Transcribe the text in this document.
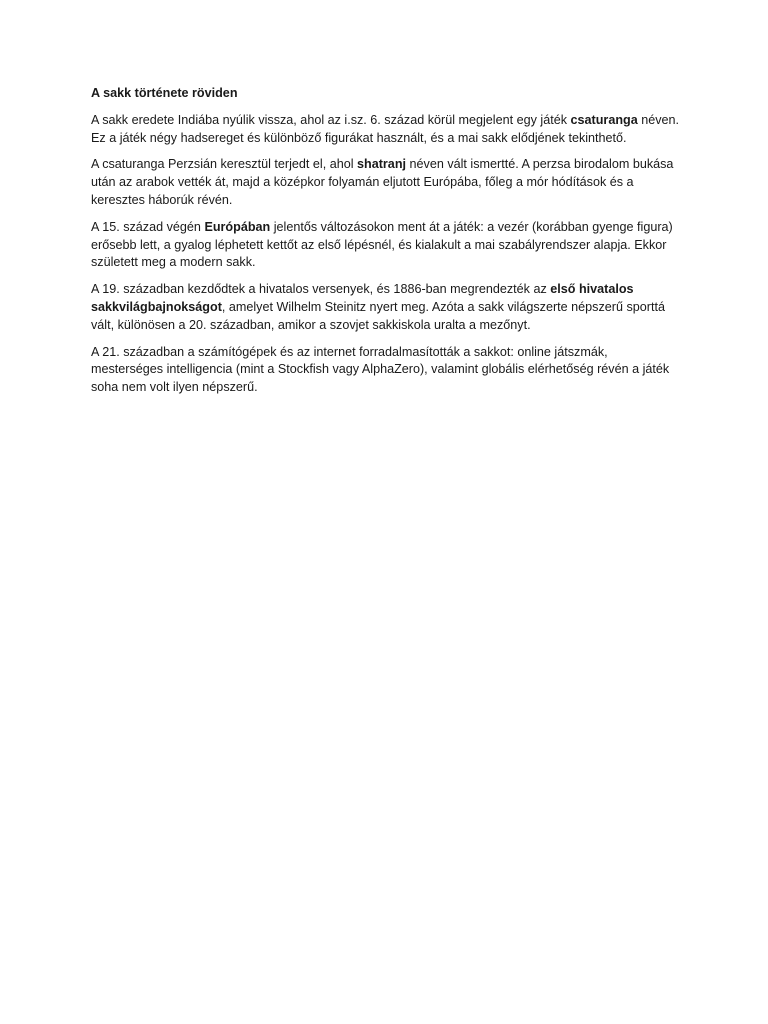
A sakk története röviden

A sakk eredete Indiába nyúlik vissza, ahol az i.sz. 6. század körül megjelent egy játék csaturanga néven. Ez a játék négy hadsereget és különböző figurákat használt, és a mai sakk elődjének tekinthető.

A csaturanga Perzsián keresztül terjedt el, ahol shatranj néven vált ismertté. A perzsa birodalom bukása után az arabok vették át, majd a középkor folyamán eljutott Európába, főleg a mór hódítások és a keresztes háborúk révén.

A 15. század végén Európában jelentős változásokon ment át a játék: a vezér (korábban gyenge figura) erősebb lett, a gyalog léphetett kettőt az első lépésnél, és kialakult a mai szabályrendszer alapja. Ekkor született meg a modern sakk.

A 19. században kezdődtek a hivatalos versenyek, és 1886-ban megrendezték az első hivatalos sakkvilágbajnokságot, amelyet Wilhelm Steinitz nyert meg. Azóta a sakk világszerte népszerű sporttá vált, különösen a 20. században, amikor a szovjet sakkiskola uralta a mezőnyt.

A 21. században a számítógépek és az internet forradalmasították a sakkot: online játszmák, mesterséges intelligencia (mint a Stockfish vagy AlphaZero), valamint globális elérhetőség révén a játék soha nem volt ilyen népszerű.
